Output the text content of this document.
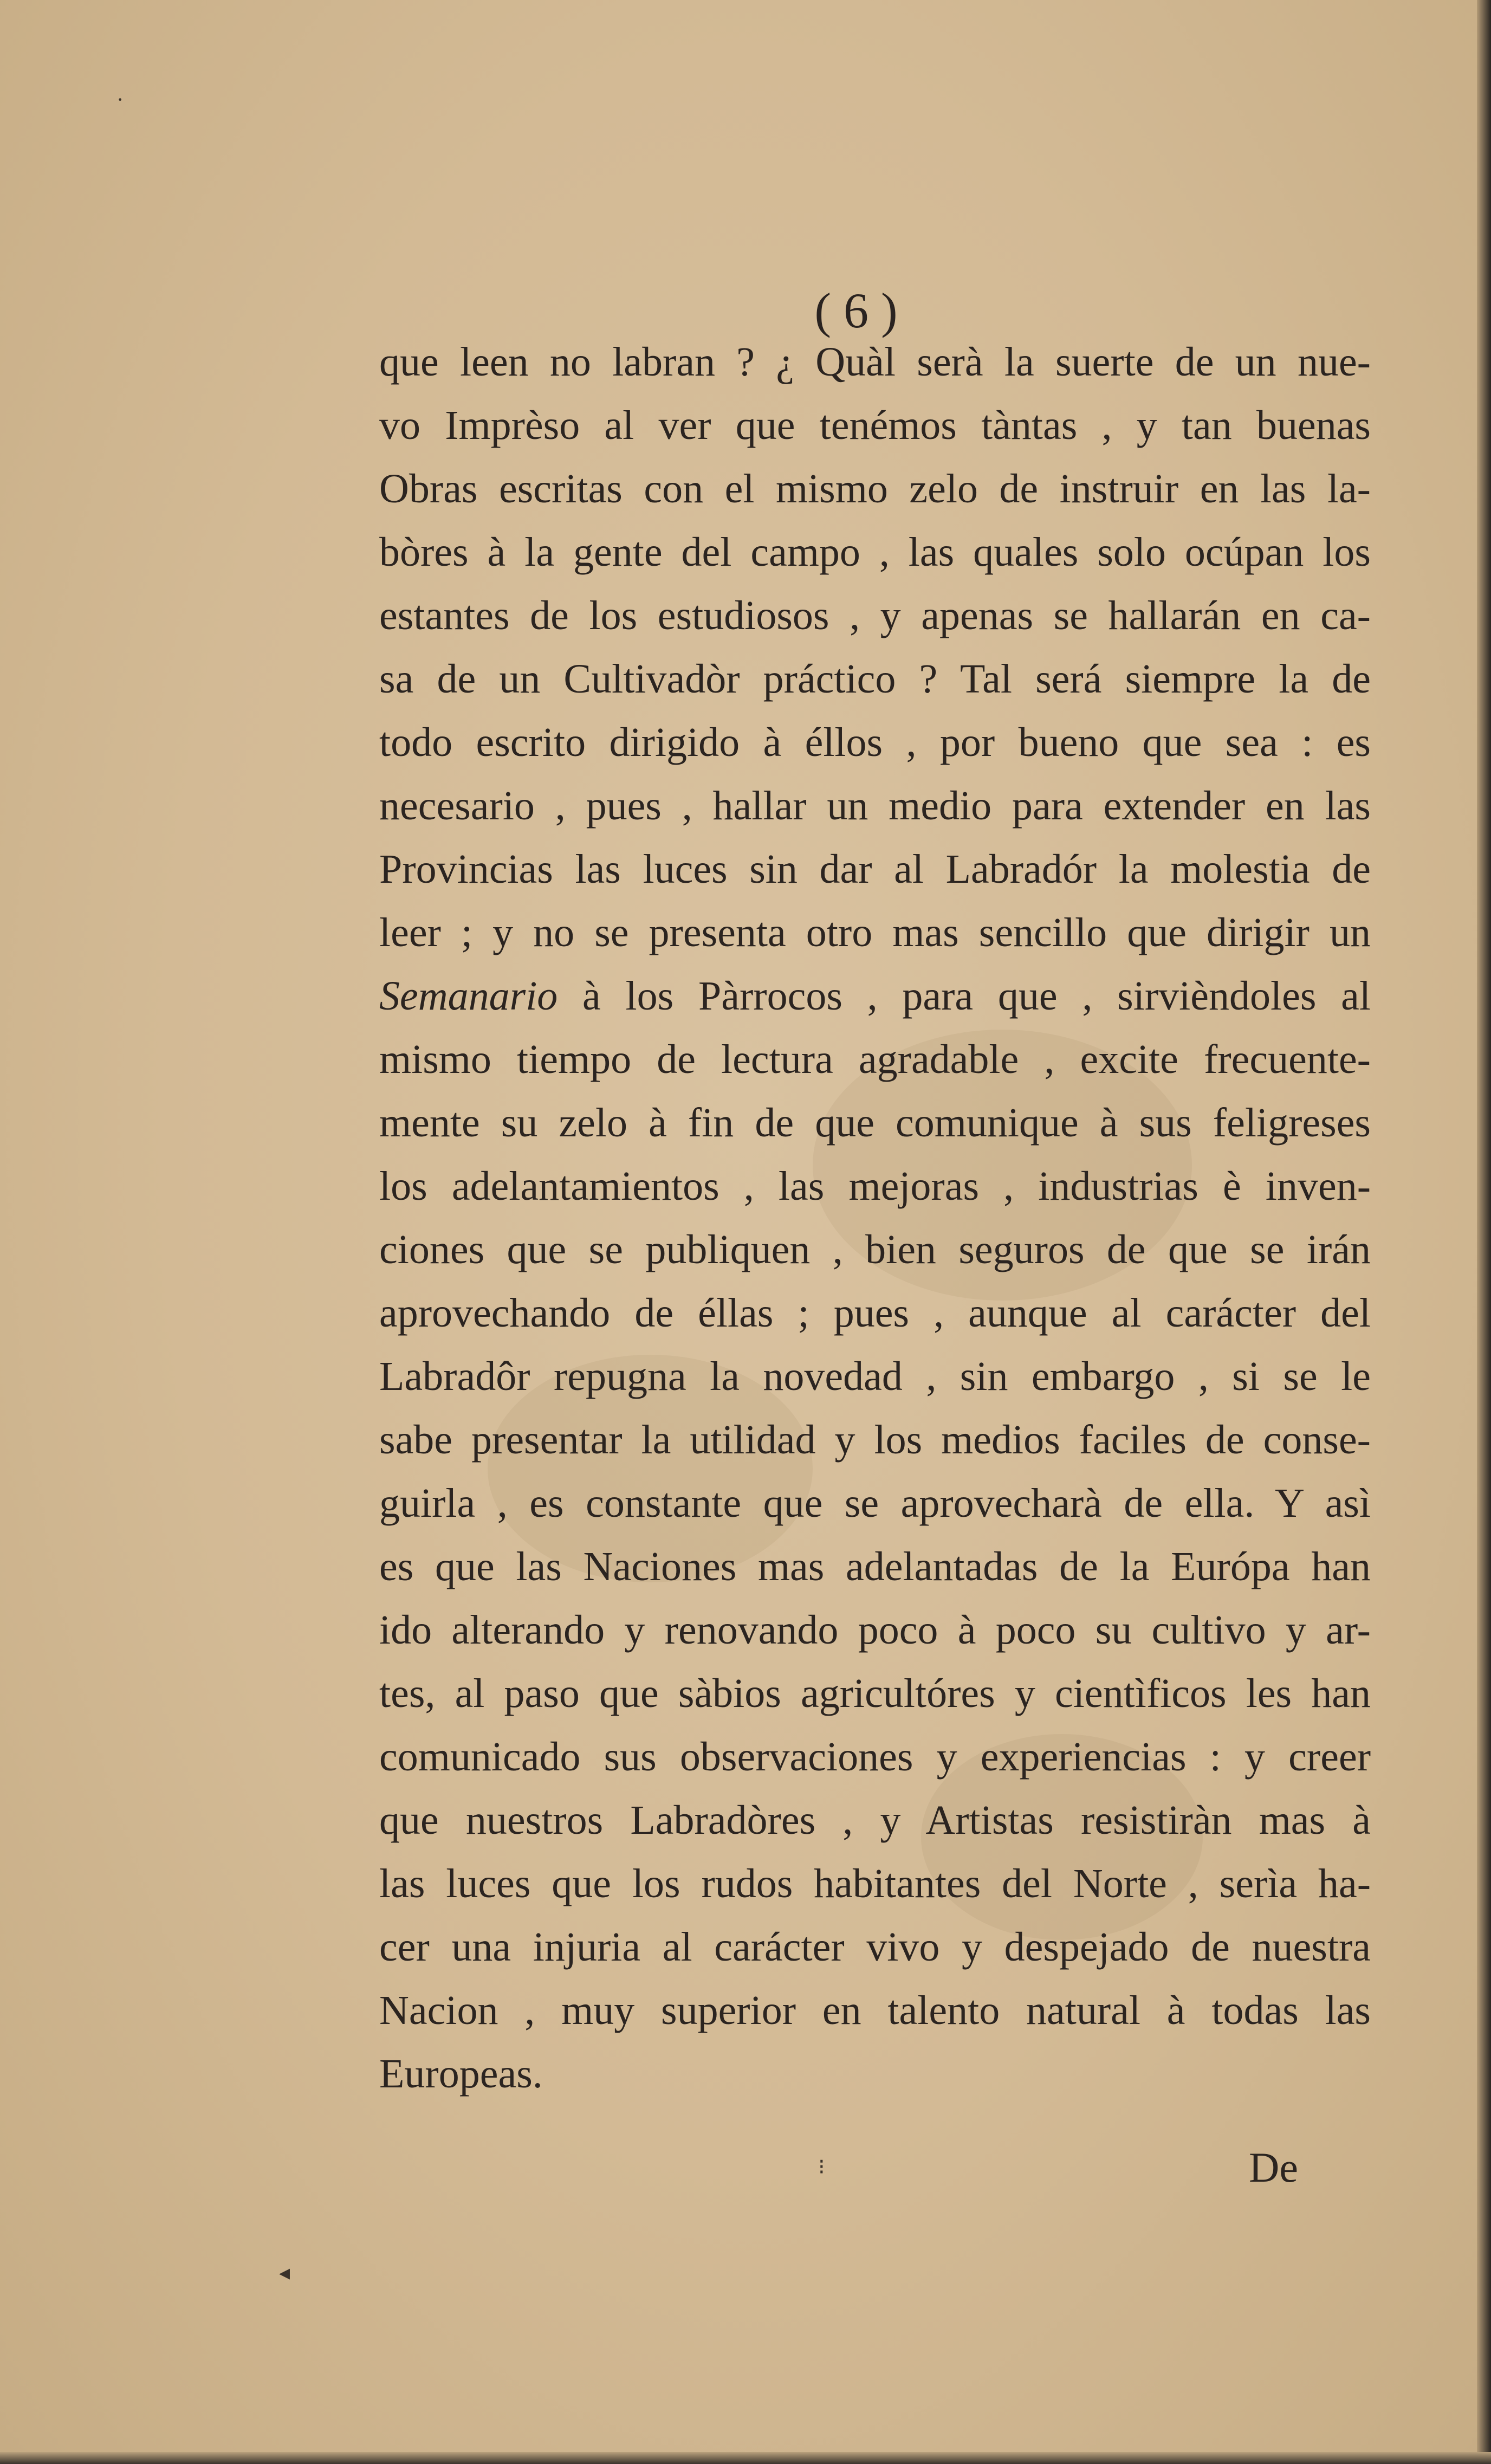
( 6 )
que leen no labran ? ¿ Quàl serà la suerte de un nue-
vo Imprèso al ver que tenémos tàntas , y tan buenas
Obras escritas con el mismo zelo de instruir en las la-
bòres à la gente del campo , las quales solo ocúpan los
estantes de los estudiosos , y apenas se hallarán en ca-
sa de un Cultivadòr práctico ? Tal será siempre la de
todo escrito dirigido à éllos , por bueno que sea : es
necesario , pues , hallar un medio para extender en las
Provincias las luces sin dar al Labradór la molestia de
leer ; y no se presenta otro mas sencillo que dirigir un
Semanario à los Pàrrocos , para que , sirvièndoles al
mismo tiempo de lectura agradable , excite frecuente-
mente su zelo à fin de que comunique à sus feligreses
los adelantamientos , las mejoras , industrias è inven-
ciones que se publiquen , bien seguros de que se irán
aprovechando de éllas ; pues , aunque al carácter del
Labradôr repugna la novedad , sin embargo , si se le
sabe presentar la utilidad y los medios faciles de conse-
guirla , es constante que se aprovecharà de ella. Y asì
es que las Naciones mas adelantadas de la Európa han
ido alterando y renovando poco à poco su cultivo y ar-
tes, al paso que sàbios agricultóres y cientìficos les han
comunicado sus observaciones y experiencias : y creer
que nuestros Labradòres , y Artistas resistiràn mas à
las luces que los rudos habitantes del Norte , serìa ha-
cer una injuria al carácter vivo y despejado de nuestra
Nacion , muy superior en talento natural à todas las
Europeas.
De
·
◂
⁝
